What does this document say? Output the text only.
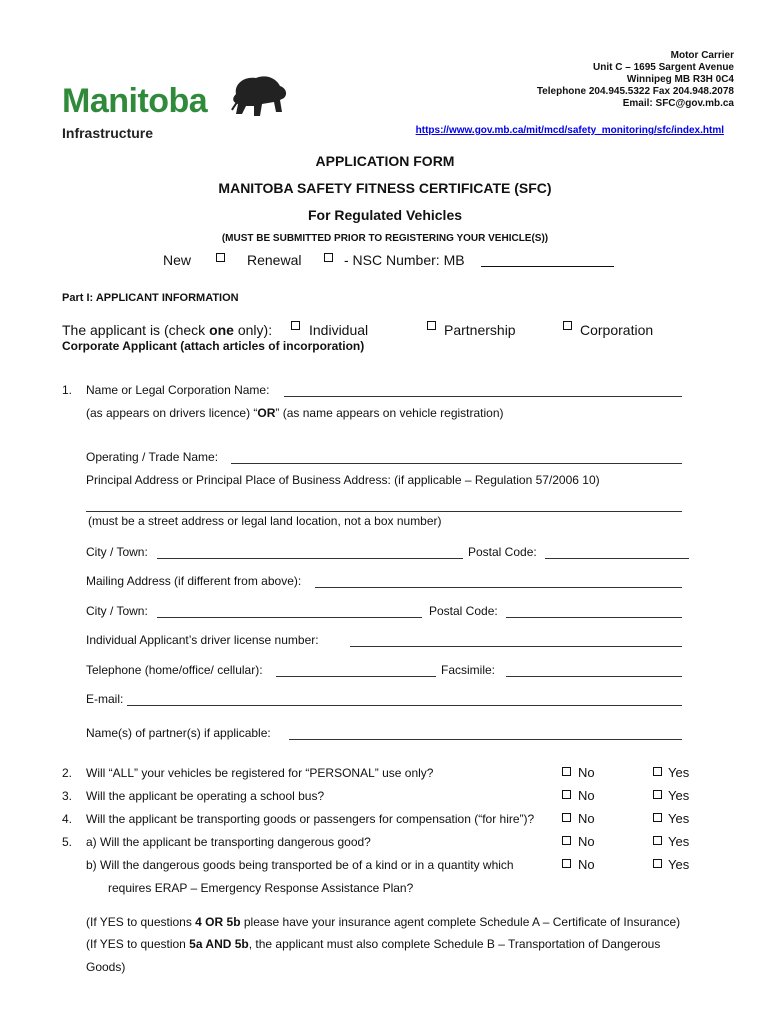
Manitoba
Infrastructure
Motor Carrier
Unit C – 1695 Sargent Avenue
Winnipeg MB R3H 0C4
Telephone 204.945.5322 Fax 204.948.2078
Email: SFC@gov.mb.ca
https://www.gov.mb.ca/mit/mcd/safety_monitoring/sfc/index.html
APPLICATION FORM
MANITOBA SAFETY FITNESS CERTIFICATE (SFC)
For Regulated Vehicles
(MUST BE SUBMITTED PRIOR TO REGISTERING YOUR VEHICLE(S))
New	Renewal	- NSC Number: MB
Part I: APPLICANT INFORMATION
The applicant is (check one only):	Individual	Partnership	Corporation
Corporate Applicant (attach articles of incorporation)
1. Name or Legal Corporation Name:
(as appears on drivers licence) “OR” (as name appears on vehicle registration)
Operating / Trade Name:
Principal Address or Principal Place of Business Address: (if applicable – Regulation 57/2006 10)
(must be a street address or legal land location, not a box number)
City / Town:	Postal Code:
Mailing Address (if different from above):
City / Town:	Postal Code:
Individual Applicant’s driver license number:
Telephone (home/office/ cellular):	Facsimile:
E-mail:
Name(s) of partner(s) if applicable:
2. Will “ALL” your vehicles be registered for “PERSONAL” use only?	No	Yes
3. Will the applicant be operating a school bus?	No	Yes
4. Will the applicant be transporting goods or passengers for compensation (“for hire”)?	No	Yes
5. a) Will the applicant be transporting dangerous good?	No	Yes
b) Will the dangerous goods being transported be of a kind or in a quantity which	No	Yes
requires ERAP – Emergency Response Assistance Plan?
(If YES to questions 4 OR 5b please have your insurance agent complete Schedule A – Certificate of Insurance)
(If YES to question 5a AND 5b, the applicant must also complete Schedule B – Transportation of Dangerous
Goods)
